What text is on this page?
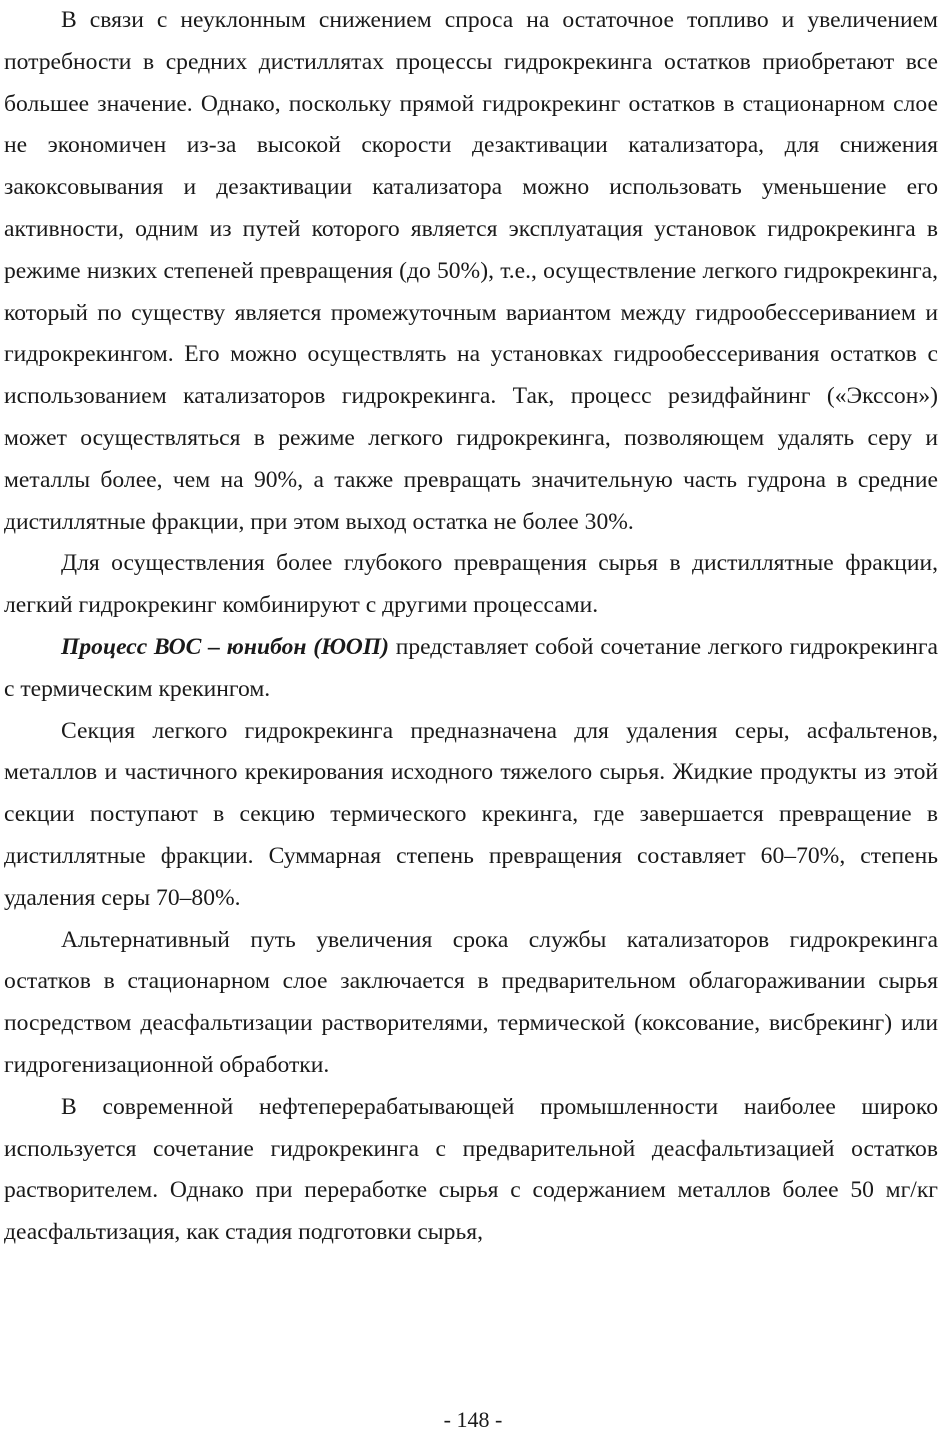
В связи с неуклонным снижением спроса на остаточное топливо и увеличением потребности в средних дистиллятах процессы гидрокрекинга остатков приобретают все большее значение. Однако, поскольку прямой гидрокрекинг остатков в стационарном слое не экономичен из-за высокой скорости дезактивации катализатора, для снижения закоксовывания и дезактивации катализатора можно использовать уменьшение его активности, одним из путей которого является эксплуатация установок гидрокрекинга в режиме низких степеней превращения (до 50%), т.е., осуществление легкого гидрокрекинга, который по существу является промежуточным вариантом между гидрообессериванием и гидрокрекингом. Его можно осуществлять на установках гидрообессеривания остатков с использованием катализаторов гидрокрекинга. Так, процесс резидфайнинг («Экссон») может осуществляться в режиме легкого гидрокрекинга, позволяющем удалять серу и металлы более, чем на 90%, а также превращать значительную часть гудрона в средние дистиллятные фракции, при этом выход остатка не более 30%.

Для осуществления более глубокого превращения сырья в дистиллятные фракции, легкий гидрокрекинг комбинируют с другими процессами.

Процесс ВОС – юнибон (ЮОП) представляет собой сочетание легкого гидрокрекинга с термическим крекингом.

Секция легкого гидрокрекинга предназначена для удаления серы, асфальтенов, металлов и частичного крекирования исходного тяжелого сырья. Жидкие продукты из этой секции поступают в секцию термического крекинга, где завершается превращение в дистиллятные фракции. Суммарная степень превращения составляет 60–70%, степень удаления серы 70–80%.

Альтернативный путь увеличения срока службы катализаторов гидрокрекинга остатков в стационарном слое заключается в предварительном облагораживании сырья посредством деасфальтизации растворителями, термической (коксование, висбрекинг) или гидрогенизационной обработки.

В современной нефтеперерабатывающей промышленности наиболее широко используется сочетание гидрокрекинга с предварительной деасфальтизацией остатков растворителем. Однако при переработке сырья с содержанием металлов более 50 мг/кг деасфальтизация, как стадия подготовки сырья,

- 148 -
